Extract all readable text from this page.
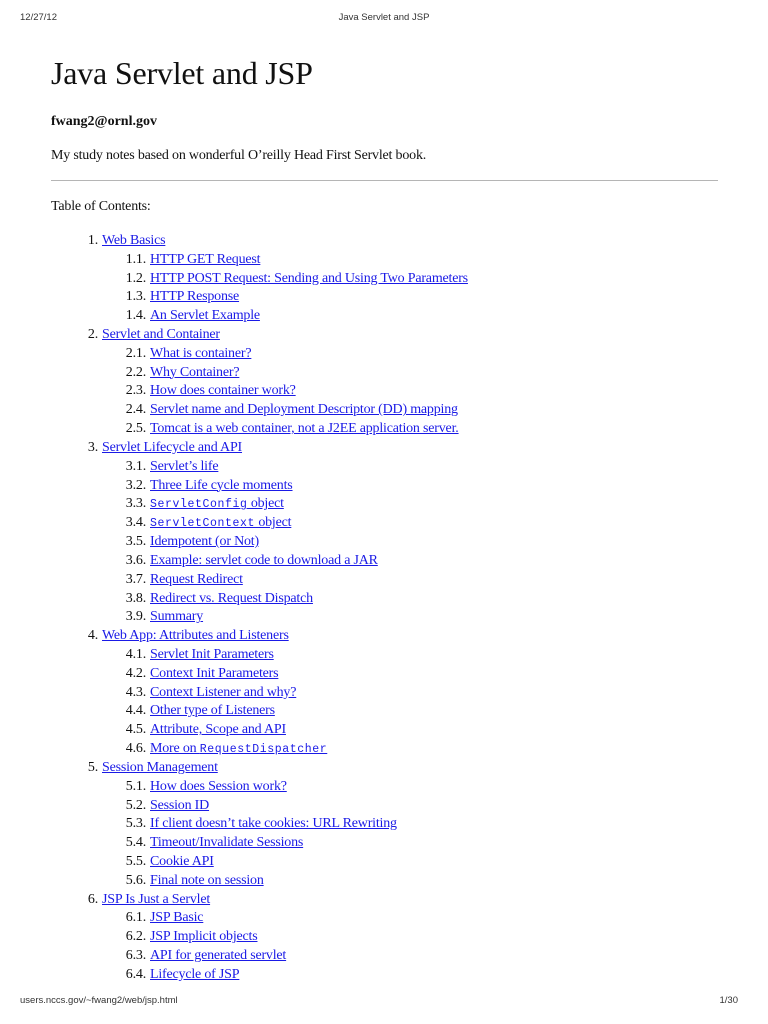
12/27/12	Java Servlet and JSP
Java Servlet and JSP
fwang2@ornl.gov
My study notes based on wonderful O’reilly Head First Servlet book.
Table of Contents:
1. Web Basics
1.1. HTTP GET Request
1.2. HTTP POST Request: Sending and Using Two Parameters
1.3. HTTP Response
1.4. An Servlet Example
2. Servlet and Container
2.1. What is container?
2.2. Why Container?
2.3. How does container work?
2.4. Servlet name and Deployment Descriptor (DD) mapping
2.5. Tomcat is a web container, not a J2EE application server.
3. Servlet Lifecycle and API
3.1. Servlet’s life
3.2. Three Life cycle moments
3.3. ServletConfig object
3.4. ServletContext object
3.5. Idempotent (or Not)
3.6. Example: servlet code to download a JAR
3.7. Request Redirect
3.8. Redirect vs. Request Dispatch
3.9. Summary
4. Web App: Attributes and Listeners
4.1. Servlet Init Parameters
4.2. Context Init Parameters
4.3. Context Listener and why?
4.4. Other type of Listeners
4.5. Attribute, Scope and API
4.6. More on RequestDispatcher
5. Session Management
5.1. How does Session work?
5.2. Session ID
5.3. If client doesn’t take cookies: URL Rewriting
5.4. Timeout/Invalidate Sessions
5.5. Cookie API
5.6. Final note on session
6. JSP Is Just a Servlet
6.1. JSP Basic
6.2. JSP Implicit objects
6.3. API for generated servlet
6.4. Lifecycle of JSP
users.nccs.gov/~fwang2/web/jsp.html	1/30
